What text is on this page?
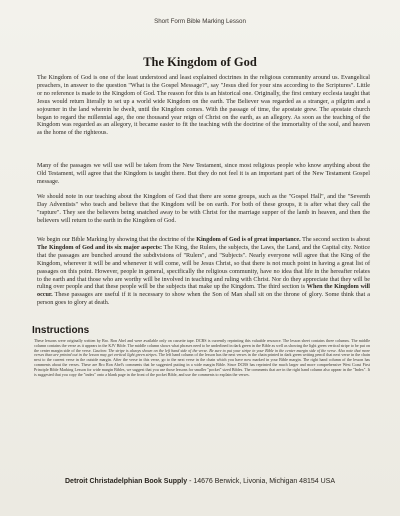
Short Form Bible Marking Lesson
The Kingdom of God

The Kingdom of God is one of the least understood and least explained doctrines in the religious community around us. Evangelical preachers, in answer to the question "What is the Gospel Message?", say "Jesus died for your sins according to the Scriptures". Little or no reference is made to the Kingdom of God. The reason for this is an historical one. Originally, the first century ecclesia taught that Jesus would return literally to set up a world wide Kingdom on the earth. The Believer was regarded as a stranger, a pilgrim and a sojourner in the land wherein he dwelt, until the Kingdom comes. With the passage of time, the apostate grew. The apostate church began to regard the millennial age, the one thousand year reign of Christ on the earth, as an allegory. As soon as the teaching of the Kingdom was regarded as an allegory, it became easier to fit the teaching with the doctrine of the immortality of the soul, and heaven as the home of the righteous.

Many of the passages we will use will be taken from the New Testament, since most religious people who know anything about the Old Testament, will agree that the Kingdom is taught there. But they do not feel it is an important part of the New Testament Gospel message.

We should note in our teaching about the Kingdom of God that there are some groups, such as the "Gospel Hall", and the "Seventh Day Adventists" who teach and believe that the Kingdom will be on earth. For both of these groups, it is after what they call the "rapture". They see the believers being snatched away to be with Christ for the marriage supper of the lamb in heaven, and then the believers will return to the earth in the Kingdom of God.

We begin our Bible Marking by showing that the doctrine of the Kingdom of God is of great importance. The second section is about The Kingdom of God and its six major aspects: The King, the Rulers, the subjects, the Laws, the Land, and the Capital city. Notice that the passages are bunched around the subdivisions of "Rulers", and "Subjects". Nearly everyone will agree that the King of the Kingdom, wherever it will be and whenever it will come, will be Jesus Christ, so that there is not much point in having a great list of passages on this point. However, people in general, specifically the religious community, have no idea that life in the hereafter relates to the earth and that those who are worthy will be involved in teaching and ruling with Christ. Nor do they appreciate that they will be ruling over people and that these people will be the subjects that make up the Kingdom. The third section is When the Kingdom will occur. These passages are useful if it is necessary to show when the Son of Man shall sit on the throne of glory. Some think that a person goes to glory at death.

Instructions

These lessons were originally written by Bro. Ron Abel and were available only on cassette tape. DCBS is currently reprinting this valuable resource. The lesson sheet contains three columns. The middle column contains the verse as it appears in the KJV Bible. The middle column shows what phrases need to be underlined in dark green in the Bible as well as showing the light green vertical stripe to be put on the center margin side of the verse. Caution: The stripe is always shown on the left hand side of the verse. Be sure to put your stripe in your Bible in the center margin side of the verse. Also note that more verses than are printed out in the lesson may get vertical light green stripes. The left hand column of the lesson has the next verses in the chain printed in dark green writing pencil that next verse in the chain next to the current verse in the outside margin. After the verse in this verse, go to the next verse in the chain which you have now marked in your Bible margin. The right hand column of the lesson has comments about the verses. These are Bro Ron Abel's comments that he suggested putting in a wide margin Bible. Since DCBS has reprinted the much larger and more comprehensive West Coast First Principle Bible Marking Lesson for wide margin Bibles, we suggest that you use those lessons for smaller "pocket" sized Bibles. The comments that are in the right hand column also appear in the "Index". It is suggested that you copy the "index" onto a blank page in the front of the pocket Bible, and use the comments to explain the verses.

Detroit Christadelphian Book Supply - 14676 Berwick, Livonia, Michigan 48154 USA
